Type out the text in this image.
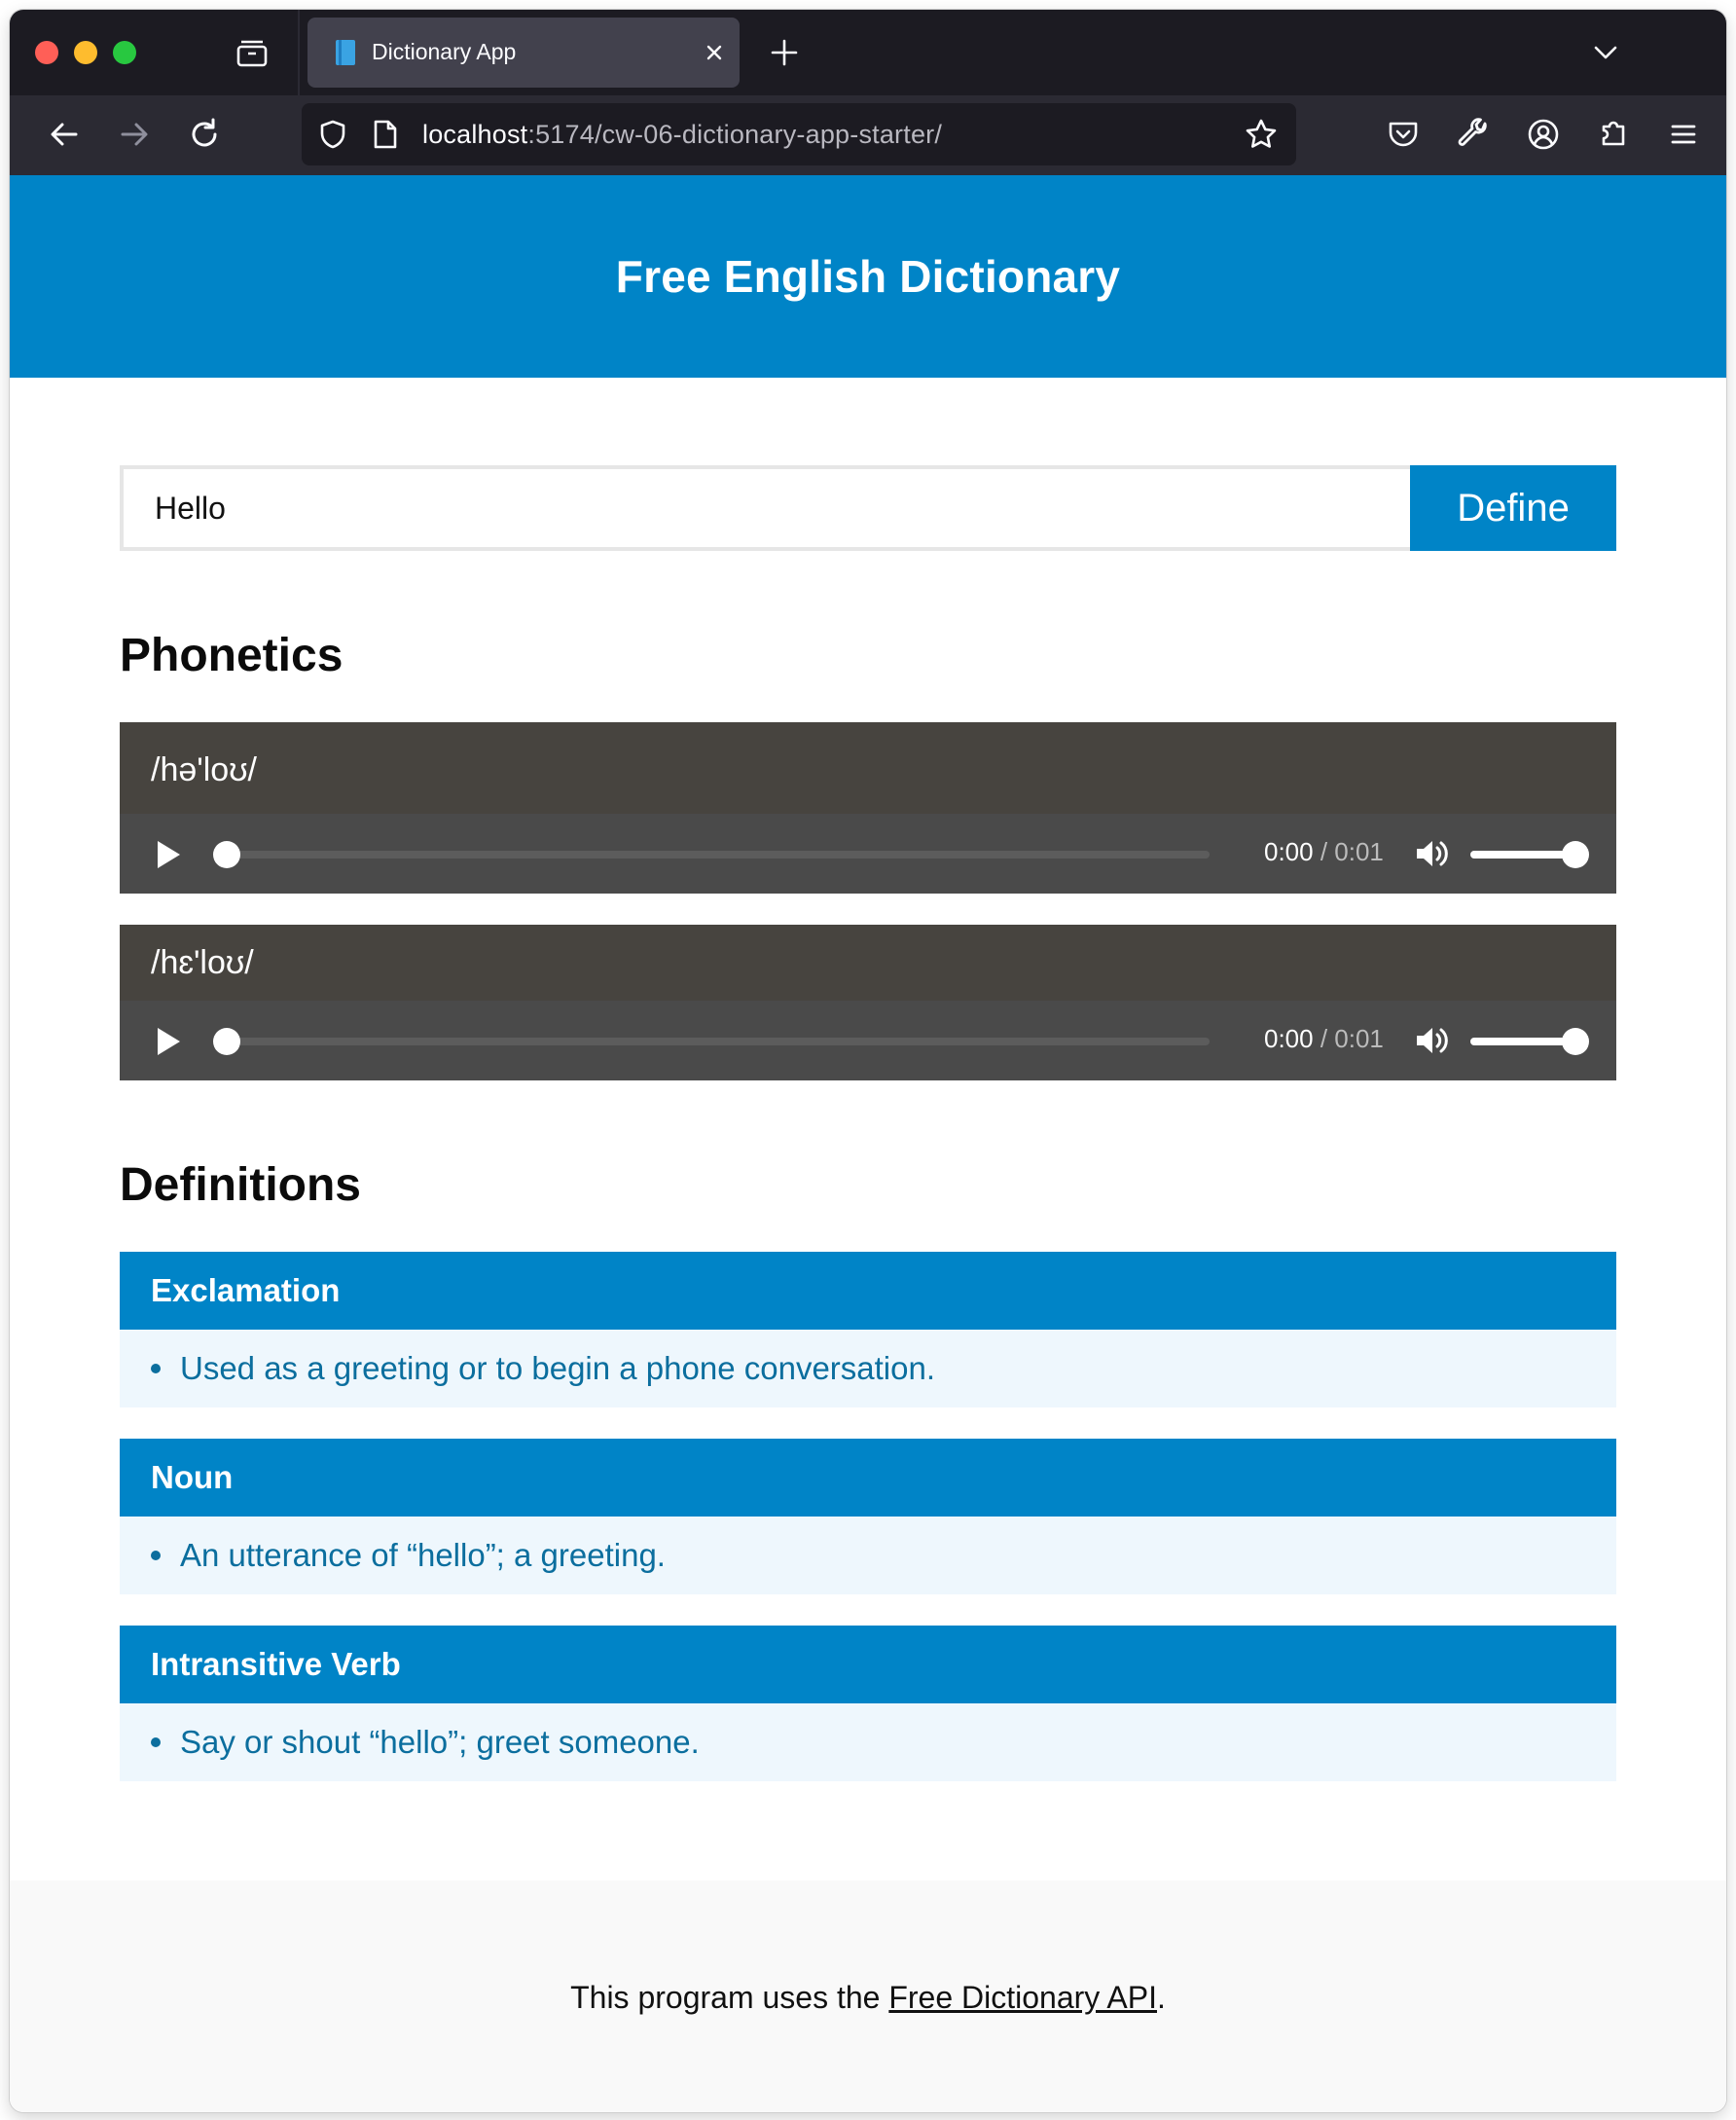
Dictionary App
localhost:5174/cw-06-dictionary-app-starter/
Free English Dictionary
Hello
Define
Phonetics
/hə'loʊ/
0:00 / 0:01
/hɛ'loʊ/
0:00 / 0:01
Definitions
Exclamation
Used as a greeting or to begin a phone conversation.
Noun
An utterance of “hello”; a greeting.
Intransitive Verb
Say or shout “hello”; greet someone.

This program uses the Free Dictionary API.
